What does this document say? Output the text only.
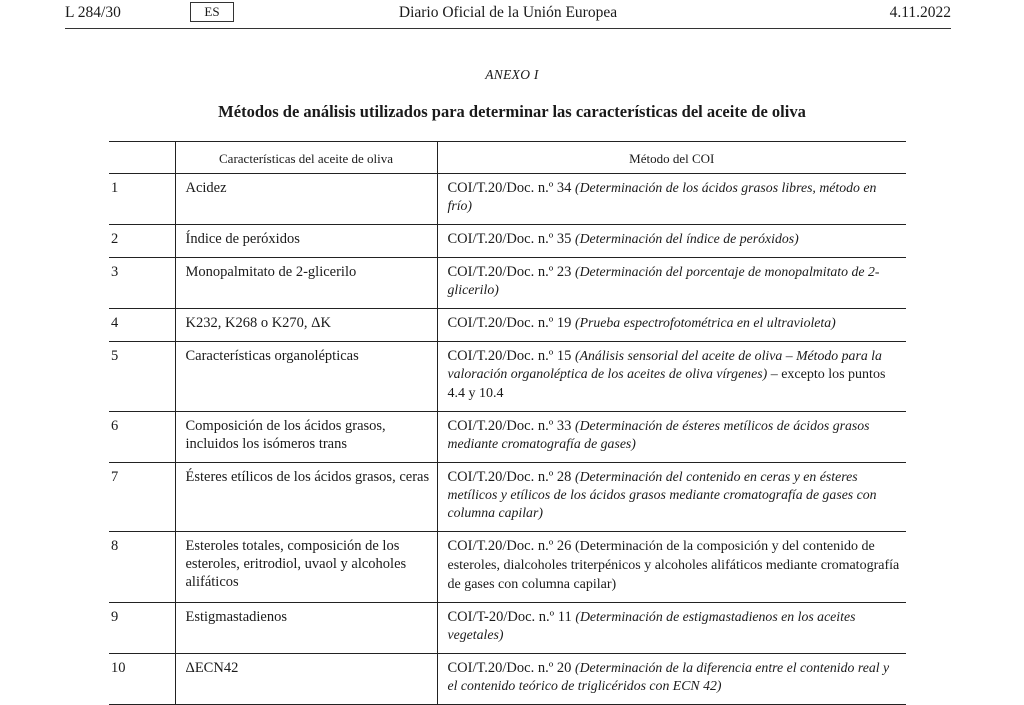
L 284/30	ES	Diario Oficial de la Unión Europea	4.11.2022
ANEXO I
Métodos de análisis utilizados para determinar las características del aceite de oliva
	Características del aceite de oliva	Método del COI
1	Acidez	COI/T.20/Doc. n.º 34 (Determinación de los ácidos grasos libres, método en frío)
2	Índice de peróxidos	COI/T.20/Doc. n.º 35 (Determinación del índice de peróxidos)
3	Monopalmitato de 2-glicerilo	COI/T.20/Doc. n.º 23 (Determinación del porcentaje de monopalmitato de 2-glicerilo)
4	K232, K268 o K270, ΔK	COI/T.20/Doc. n.º 19 (Prueba espectrofotométrica en el ultravioleta)
5	Características organolépticas	COI/T.20/Doc. n.º 15 (Análisis sensorial del aceite de oliva – Método para la valoración organoléptica de los aceites de oliva vírgenes) – excepto los puntos 4.4 y 10.4
6	Composición de los ácidos grasos, incluidos los isómeros trans	COI/T.20/Doc. n.º 33 (Determinación de ésteres metílicos de ácidos grasos mediante cromatografía de gases)
7	Ésteres etílicos de los ácidos grasos, ceras	COI/T.20/Doc. n.º 28 (Determinación del contenido en ceras y en ésteres metílicos y etílicos de los ácidos grasos mediante cromatografía de gases con columna capilar)
8	Esteroles totales, composición de los esteroles, eritrodiol, uvaol y alcoholes alifáticos	COI/T.20/Doc. n.º 26 (Determinación de la composición y del contenido de esteroles, dialcoholes triterpénicos y alcoholes alifáticos mediante cromatografía de gases con columna capilar)
9	Estigmastadienos	COI/T-20/Doc. n.º 11 (Determinación de estigmastadienos en los aceites vegetales)
10	ΔECN42	COI/T.20/Doc. n.º 20 (Determinación de la diferencia entre el contenido real y el contenido teórico de triglicéridos con ECN 42)
